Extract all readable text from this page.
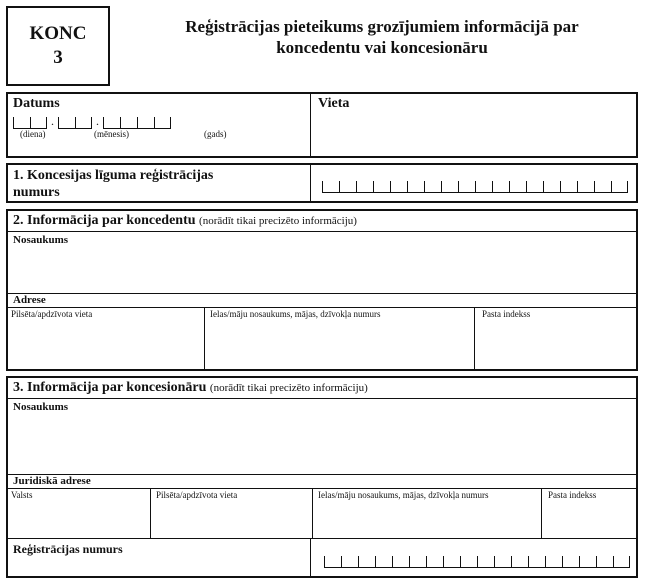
KONC
3
Reģistrācijas pieteikums grozījumiem informācijā par
koncedentu vai koncesionāru
Datums	Vieta
.	.
(diena)	(mēnesis)	(gads)
1. Koncesijas līguma reģistrācijas
numurs
2. Informācija par koncedentu (norādīt tikai precizēto informāciju)
Nosaukums
Adrese
Pilsēta/apdzīvota vieta	Ielas/māju nosaukums, mājas, dzīvokļa numurs	Pasta indekss
3. Informācija par koncesionāru (norādīt tikai precizēto informāciju)
Nosaukums
Juridiskā adrese
Valsts	Pilsēta/apdzīvota vieta	Ielas/māju nosaukums, mājas, dzīvokļa numurs	Pasta indekss
Reģistrācijas numurs
